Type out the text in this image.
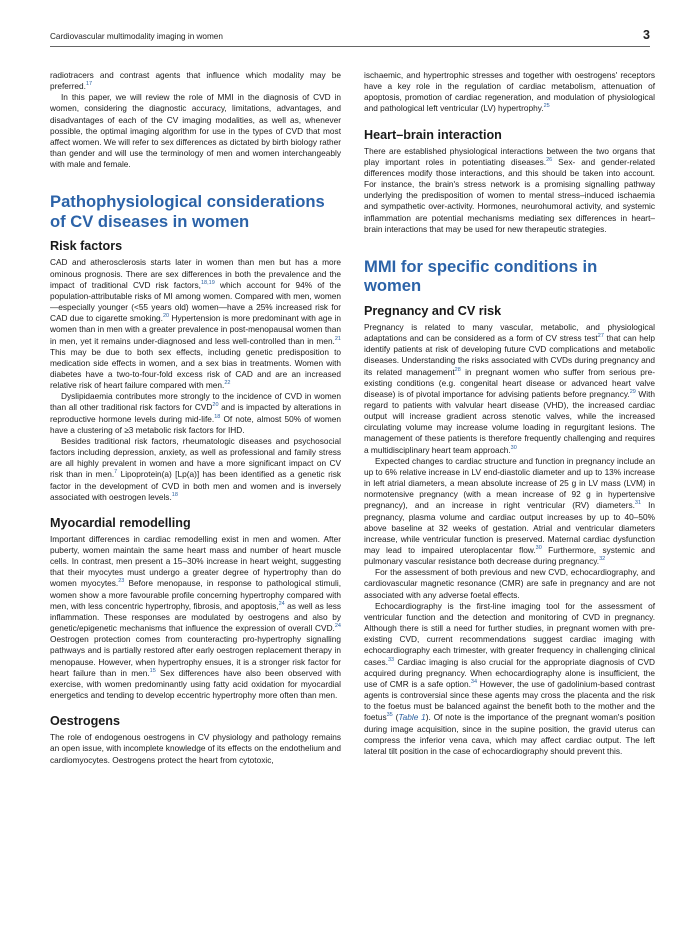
Cardiovascular multimodality imaging in women	3

radiotracers and contrast agents that influence which modality may be preferred.$^{17}$

In this paper, we will review the role of MMI in the diagnosis of CVD in women, considering the diagnostic accuracy, limitations, advantages, and disadvantages of each of the CV imaging modalities, as well as, whenever possible, the optimal imaging algorithm for use in the types of CVD that most affect women. We will refer to sex differences as dictated by birth biology rather than gender and will use the terminology of men and women interchangeably with male and female.

Pathophysiological considerations of CV diseases in women
Risk factors

CAD and atherosclerosis starts later in women than men but has a more ominous prognosis. There are sex differences in both the prevalence and the impact of traditional CVD risk factors,$^{18,19}$ which account for 94% of the population-attributable risks of MI among women. Compared with men, women—especially younger (<55 years old) women—have a 25% increased risk for CAD due to cigarette smoking.$^{20}$ Hypertension is more predominant with age in women than in men with a greater prevalence in post-menopausal women than in men, yet it remains under-diagnosed and less well-controlled than in men.$^{21}$ This may be due to both sex effects, including genetic predisposition to medication side effects in women, and a sex bias in treatments. Women with diabetes have a two-to-four-fold excess risk of CAD and are an increased relative risk of heart failure compared with men.$^{22}$

Dyslipidaemia contributes more strongly to the incidence of CVD in women than all other traditional risk factors for CVD$^{20}$ and is impacted by alterations in reproductive hormone levels during mid-life.$^{18}$ Of note, almost 50% of women have a clustering of ≥3 metabolic risk factors for IHD.

Besides traditional risk factors, rheumatologic diseases and psychosocial factors including depression, anxiety, as well as professional and family stress are all highly prevalent in women and have a more significant impact on CV risk than in men.$^7$ Lipoprotein(a) [Lp(a)] has been identified as a genetic risk factor in the development of CVD in both men and women and is inversely associated with oestrogen levels.$^{18}$

Myocardial remodelling

Important differences in cardiac remodelling exist in men and women. After puberty, women maintain the same heart mass and number of heart muscle cells. In contrast, men present a 15–30% increase in heart weight, suggesting that their myocytes must undergo a greater degree of hypertrophy than do women myocytes.$^{23}$ Before menopause, in response to pathological stimuli, women show a more favourable profile concerning hypertrophy compared with men, with less concentric hypertrophy, fibrosis, and apoptosis,$^{24}$ as well as less inflammation. These responses are modulated by oestrogens and also by genetic/epigenetic mechanisms that influence the expression of overall CVD.$^{24}$ Oestrogen protection comes from counteracting pro-hypertrophy signalling pathways and is partially restored after early oestrogen replacement therapy in menopause. However, when hypertrophy ensues, it is a stronger risk factor for heart failure than in men.$^{15}$ Sex differences have also been observed with exercise, with women predominantly using fatty acid oxidation for myocardial energetics and tending to develop eccentric hypertrophy more often than men.

Oestrogens

The role of endogenous oestrogens in CV physiology and pathology remains an open issue, with incomplete knowledge of its effects on the endothelium and cardiomyocytes. Oestrogens protect the heart from cytotoxic,

ischaemic, and hypertrophic stresses and together with oestrogens' receptors have a key role in the regulation of cardiac metabolism, attenuation of apoptosis, promotion of cardiac regeneration, and modulation of physiological and pathological left ventricular (LV) hypertrophy.$^{25}$

Heart–brain interaction

There are established physiological interactions between the two organs that play important roles in potentiating diseases.$^{26}$ Sex- and gender-related differences modify those interactions, and this should be taken into account. For instance, the brain's stress network is a promising signalling pathway underlying the predisposition of women to mental stress–induced ischaemia and sympathetic over-activity. Hormones, neurohumoral activity, and systemic inflammation are potential mechanisms mediating sex differences in heart–brain interactions that may be used for new therapeutic strategies.

MMI for specific conditions in women
Pregnancy and CV risk

Pregnancy is related to many vascular, metabolic, and physiological adaptations and can be considered as a form of CV stress test$^{27}$ that can help identify patients at risk of developing future CVD complications and metabolic diseases. Understanding the risks associated with CVDs during pregnancy and its related management$^{28}$ in pregnant women who suffer from serious pre-existing conditions (e.g. congenital heart disease or advanced heart valve disease) is of pivotal importance for advising patients before pregnancy.$^{29}$ With regard to patients with valvular heart disease (VHD), the increased cardiac output will increase gradient across stenotic valves, while the increased circulating volume may increase volume loading in regurgitant lesions. The management of these patients is therefore frequently challenging and requires a multidisciplinary heart team approach.$^{30}$

Expected changes to cardiac structure and function in pregnancy include an up to 6% relative increase in LV end-diastolic diameter and up to 13% increase in left atrial diameters, a mean absolute increase of 25 g in LV mass (LVM) in normotensive pregnancy (with a mean increase of 92 g in hypertensive pregnancy), and an increase in right ventricular (RV) diameters.$^{31}$ In pregnancy, plasma volume and cardiac output increases by up to 40–50% above baseline at 32 weeks of gestation. Atrial and ventricular diameters increase, while ventricular function is preserved. Maternal cardiac dysfunction may lead to impaired uteroplacentar flow.$^{30}$ Furthermore, systemic and pulmonary vascular resistance both decrease during pregnancy.$^{32}$

For the assessment of both previous and new CVD, echocardiography, and cardiovascular magnetic resonance (CMR) are safe in pregnancy and are not associated with any adverse foetal effects.

Echocardiography is the first-line imaging tool for the assessment of ventricular function and the detection and monitoring of CVD in pregnancy. Although there is still a need for further studies, in pregnant women with pre-existing CVD, current recommendations suggest cardiac imaging with echocardiography each trimester, with greater frequency in challenging clinical cases.$^{33}$ Cardiac imaging is also crucial for the appropriate diagnosis of CVD acquired during pregnancy. When echocardiography alone is insufficient, the use of CMR is a safe option.$^{34}$ However, the use of gadolinium-based contrast agents is controversial since these agents may cross the placenta and the risk to the foetus must be balanced against the benefit both to the mother and the foetus$^{35}$ (Table 1). Of note is the importance of the pregnant woman's position during image acquisition, since in the supine position, the gravid uterus can compress the inferior vena cava, which may affect cardiac output. The left lateral tilt position in the case of echocardiography should prevent this.
